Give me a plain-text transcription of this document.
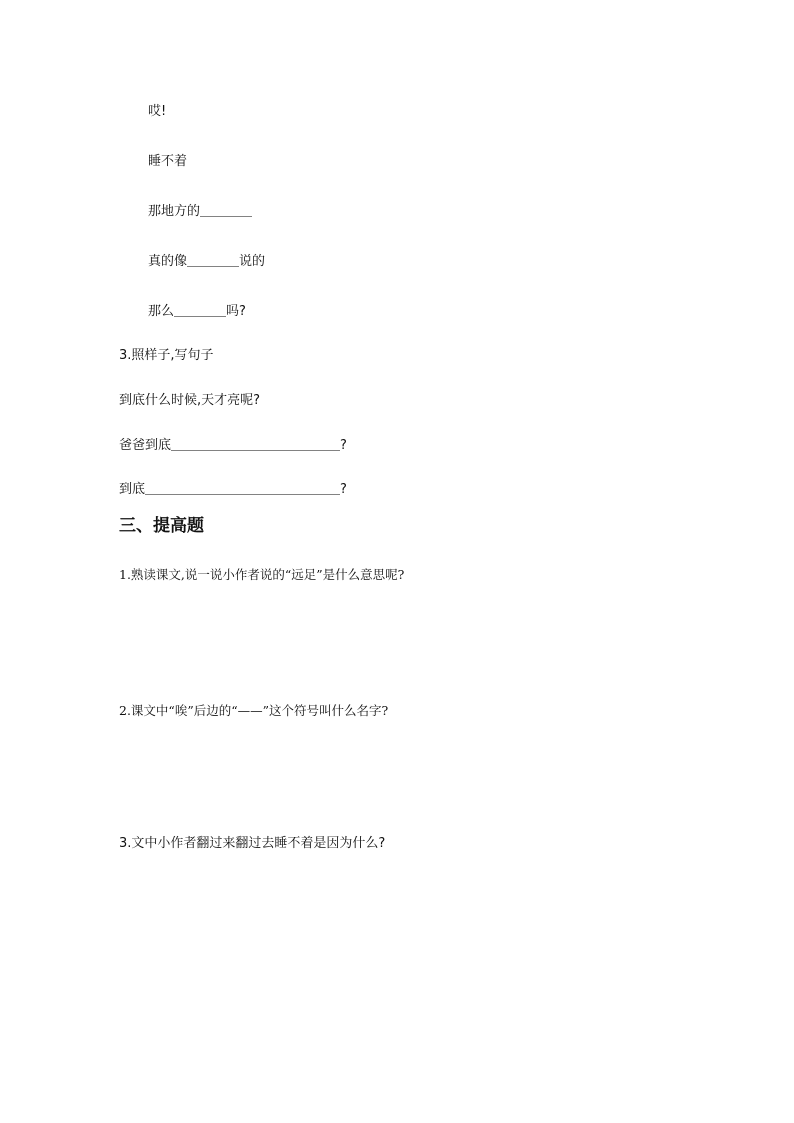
哎!
睡不着
那地方的＿＿＿＿
真的像＿＿＿＿说的
那么＿＿＿＿吗?
3.照样子,写句子
到底什么时候,天才亮呢?
爸爸到底＿＿＿＿＿＿＿＿＿＿＿＿＿?
到底＿＿＿＿＿＿＿＿＿＿＿＿＿＿＿?
三、提高题
1.熟读课文,说一说小作者说的“远足”是什么意思呢?
2.课文中“唉”后边的“——”这个符号叫什么名字?
3.文中小作者翻过来翻过去睡不着是因为什么?
